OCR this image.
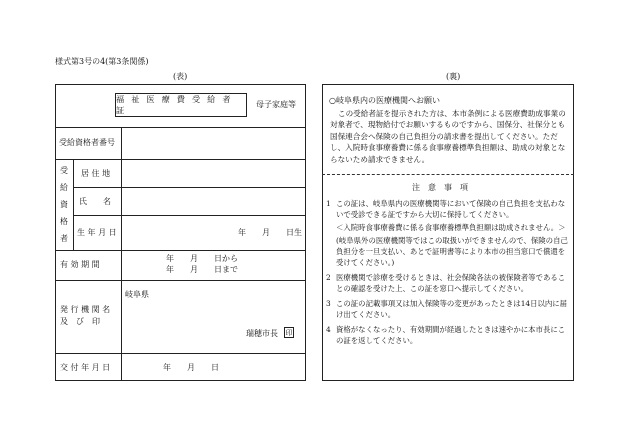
様式第3号の4(第3条関係)
(表)	(裏)
福 祉 医 療 費 受 給 者 証
母子家庭等
受給資格者番号
受
給
資
格
者
居 住 地
氏　　名
生 年 月 日	年　　月　　日生
有 効 期 間
年　　月　　日から
年　　月　　日まで
発 行 機 関 名
及　び　印
岐阜県
瑞穂市長 印
交 付 年 月 日	年　　月　　日
○岐阜県内の医療機関へお願い
この受給者証を提示された方は、本市条例による医療費助成事業の対象者で、現物給付でお願いするものですから、国保分、社保分とも国保連合会へ保険の自己負担分の請求書を提出してください。ただし、入院時食事療養費に係る食事療養標準負担額は、助成の対象とならないため請求できません。
注　意　事　項
1 この証は、岐阜県内の医療機関等において保険の自己負担を支払わないで受診できる証ですから大切に保持してください。
＜入院時食事療養費に係る食事療養標準負担額は助成されません。＞
(岐阜県外の医療機関等ではこの取扱いができませんので、保険の自己負担分を一旦支払い、あとで証明書等により本市の担当窓口で償還を受けてください。)
2 医療機関で診療を受けるときは、社会保険各法の被保険者等であることの確認を受けた上、この証を窓口へ提示してください。
3 この証の記載事項又は加入保険等の変更があったときは14日以内に届け出てください。
4 資格がなくなったり、有効期間が経過したときは速やかに本市長にこの証を返してください。
